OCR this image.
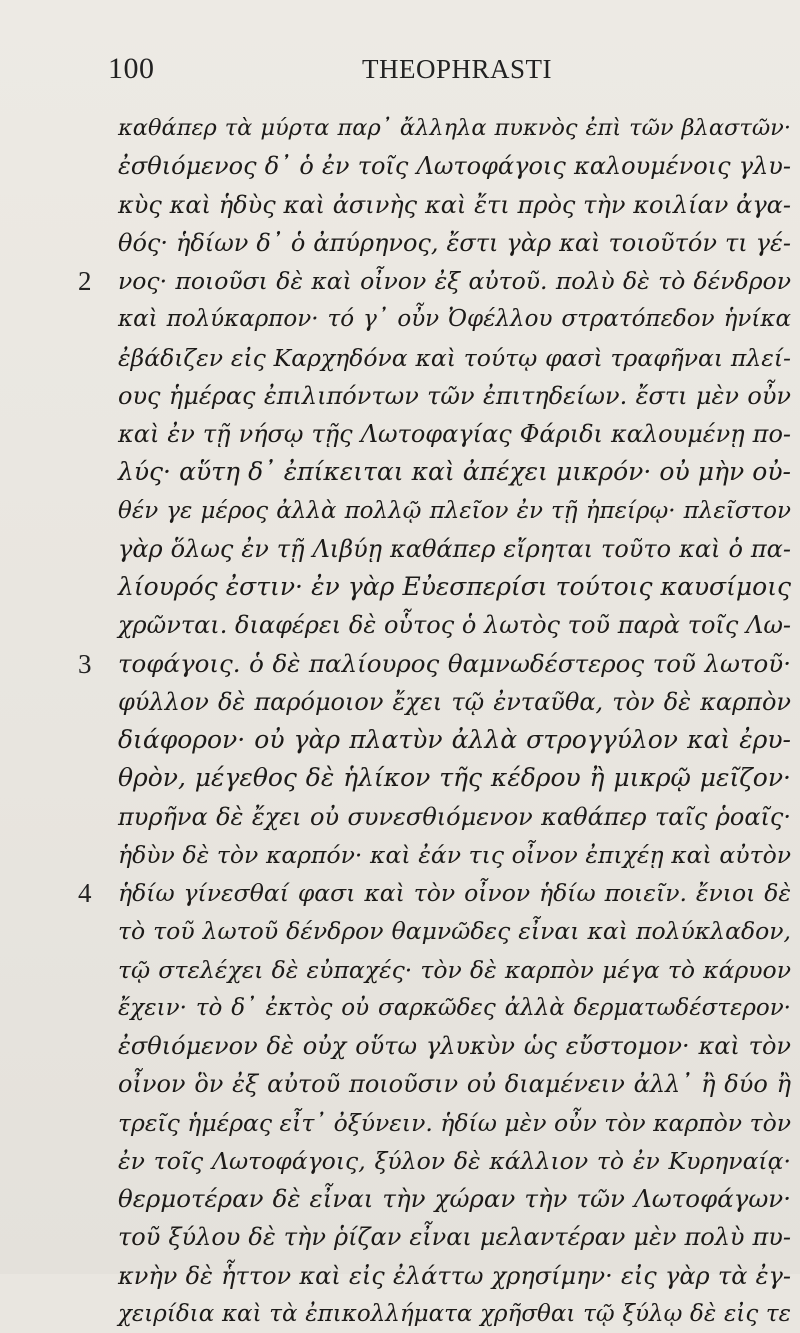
100	THEOPHRASTI
καθάπερ τὰ μύρτα παρ᾽ ἄλληλα πυκνὸς ἐπὶ τῶν βλαστῶν·
ἐσθιόμενος δ᾽ ὁ ἐν τοῖς Λωτοφάγοις καλουμένοις γλυ-
κὺς καὶ ἡδὺς καὶ ἀσινὴς καὶ ἔτι πρὸς τὴν κοιλίαν ἀγα-
θός· ἡδίων δ᾽ ὁ ἀπύρηνος, ἔστι γὰρ καὶ τοιοῦτόν τι γέ-
2 νος· ποιοῦσι δὲ καὶ οἶνον ἐξ αὐτοῦ. πολὺ δὲ τὸ δένδρον
καὶ πολύκαρπον· τό γ᾽ οὖν Ὀφέλλου στρατόπεδον ἡνίκα
ἐβάδιζεν εἰς Καρχηδόνα καὶ τούτῳ φασὶ τραφῆναι πλεί-
ους ἡμέρας ἐπιλιπόντων τῶν ἐπιτηδείων. ἔστι μὲν οὖν
καὶ ἐν τῇ νήσῳ τῇς Λωτοφαγίας Φάριδι καλουμένῃ πο-
λύς· αὕτη δ᾽ ἐπίκειται καὶ ἀπέχει μικρόν· οὐ μὴν οὐ-
θέν γε μέρος ἀλλὰ πολλῷ πλεῖον ἐν τῇ ἠπείρῳ· πλεῖστον
γὰρ ὅλως ἐν τῇ Λιβύῃ καθάπερ εἴρηται τοῦτο καὶ ὁ πα-
λίουρός ἐστιν· ἐν γὰρ Εὐεσπερίσι τούτοις καυσίμοις
χρῶνται. διαφέρει δὲ οὗτος ὁ λωτὸς τοῦ παρὰ τοῖς Λω-
3 τοφάγοις. ὁ δὲ παλίουρος θαμνωδέστερος τοῦ λωτοῦ·
φύλλον δὲ παρόμοιον ἔχει τῷ ἐνταῦθα, τὸν δὲ καρπὸν
διάφορον· οὐ γὰρ πλατὺν ἀλλὰ στρογγύλον καὶ ἐρυ-
θρὸν, μέγεθος δὲ ἡλίκον τῆς κέδρου ἢ μικρῷ μεῖζον·
πυρῆνα δὲ ἔχει οὐ συνεσθιόμενον καθάπερ ταῖς ῥοαῖς·
ἡδὺν δὲ τὸν καρπόν· καὶ ἐάν τις οἶνον ἐπιχέῃ καὶ αὐτὸν
4 ἡδίω γίνεσθαί φασι καὶ τὸν οἶνον ἡδίω ποιεῖν. ἔνιοι δὲ
τὸ τοῦ λωτοῦ δένδρον θαμνῶδες εἶναι καὶ πολύκλαδον,
τῷ στελέχει δὲ εὐπαχές· τὸν δὲ καρπὸν μέγα τὸ κάρυον
ἔχειν· τὸ δ᾽ ἐκτὸς οὐ σαρκῶδες ἀλλὰ δερματωδέστερον·
ἐσθιόμενον δὲ οὐχ οὕτω γλυκὺν ὡς εὔστομον· καὶ τὸν
οἶνον ὃν ἐξ αὐτοῦ ποιοῦσιν οὐ διαμένειν ἀλλ᾽ ἢ δύο ἢ
τρεῖς ἡμέρας εἶτ᾽ ὀξύνειν. ἡδίω μὲν οὖν τὸν καρπὸν τὸν
ἐν τοῖς Λωτοφάγοις, ξύλον δὲ κάλλιον τὸ ἐν Κυρηναίᾳ·
θερμοτέραν δὲ εἶναι τὴν χώραν τὴν τῶν Λωτοφάγων·
τοῦ ξύλου δὲ τὴν ῥίζαν εἶναι μελαντέραν μὲν πολὺ πυ-
κνὴν δὲ ἧττον καὶ εἰς ἐλάττω χρησίμην· εἰς γὰρ τὰ ἐγ-
χειρίδια καὶ τὰ ἐπικολλήματα χρῆσθαι τῷ ξύλῳ δὲ εἰς τε
